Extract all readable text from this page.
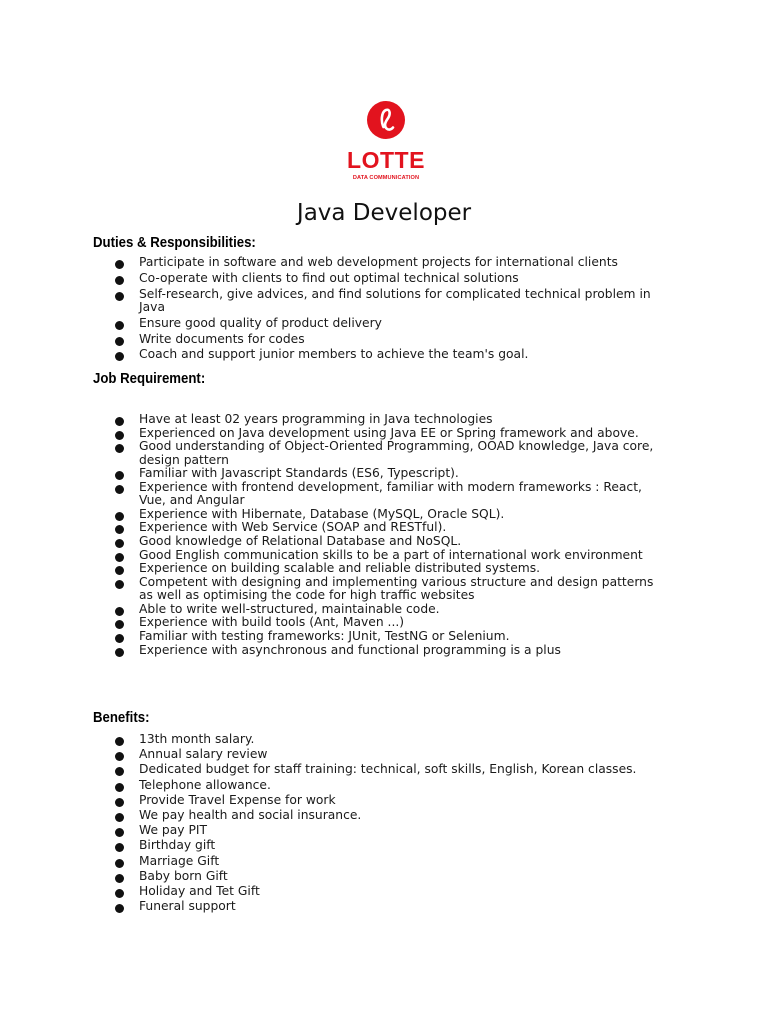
LOTTE
DATA COMMUNICATION
Java Developer
Duties & Responsibilities:
Participate in software and web development projects for international clients
Co-operate with clients to find out optimal technical solutions
Self-research, give advices, and find solutions for complicated technical problem in Java
Ensure good quality of product delivery
Write documents for codes
Coach and support junior members to achieve the team's goal.
Job Requirement:
Have at least 02 years programming in Java technologies
Experienced on Java development using Java EE or Spring framework and above.
Good understanding of Object-Oriented Programming, OOAD knowledge, Java core, design pattern
Familiar with Javascript Standards (ES6, Typescript).
Experience with frontend development, familiar with modern frameworks : React, Vue, and Angular
Experience with Hibernate, Database (MySQL, Oracle SQL).
Experience with Web Service (SOAP and RESTful).
Good knowledge of Relational Database and NoSQL.
Good English communication skills to be a part of international work environment
Experience on building scalable and reliable distributed systems.
Competent with designing and implementing various structure and design patterns as well as optimising the code for high traffic websites
Able to write well-structured, maintainable code.
Experience with build tools (Ant, Maven ...)
Familiar with testing frameworks: JUnit, TestNG or Selenium.
Experience with asynchronous and functional programming is a plus
Benefits:
13th month salary.
Annual salary review
Dedicated budget for staff training: technical, soft skills, English, Korean classes.
Telephone allowance.
Provide Travel Expense for work
We pay health and social insurance.
We pay PIT
Birthday gift
Marriage Gift
Baby born Gift
Holiday and Tet Gift
Funeral support
